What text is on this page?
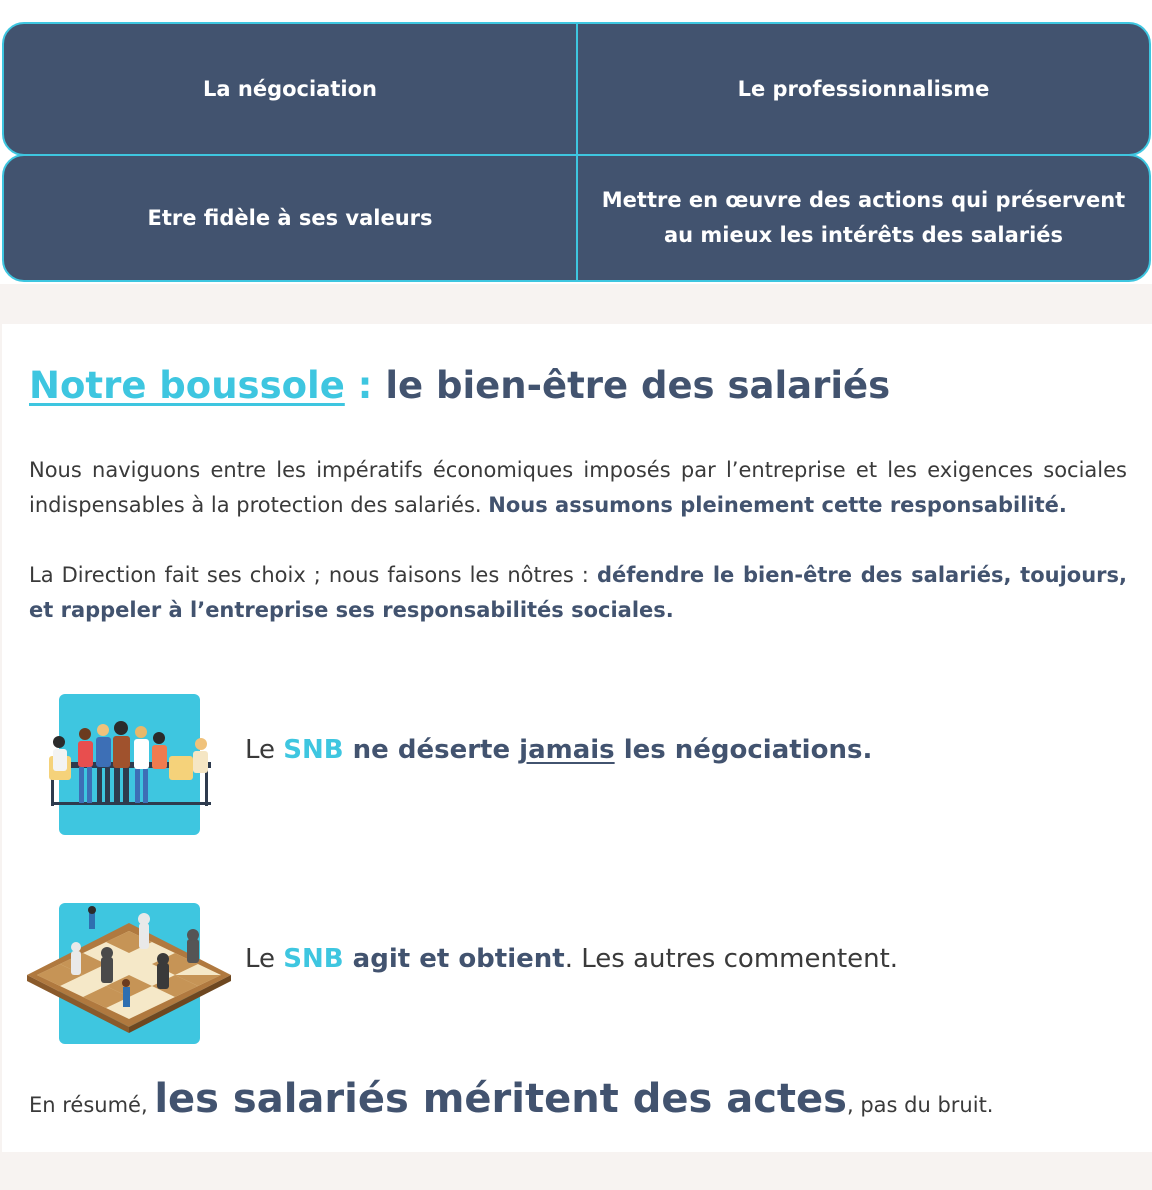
La négociation	Le professionnalisme
Etre fidèle à ses valeurs
Mettre en œuvre des actions qui préservent au mieux les intérêts des salariés
Notre boussole : le bien-être des salariés

Nous naviguons entre les impératifs économiques imposés par l’entreprise et les exigences sociales indispensables à la protection des salariés. Nous assumons pleinement cette responsabilité.

La Direction fait ses choix ; nous faisons les nôtres : défendre le bien-être des salariés, toujours, et rappeler à l’entreprise ses responsabilités sociales.

Le SNB ne déserte jamais les négociations.
Le SNB agit et obtient. Les autres commentent.
En résumé, les salariés méritent des actes, pas du bruit.
